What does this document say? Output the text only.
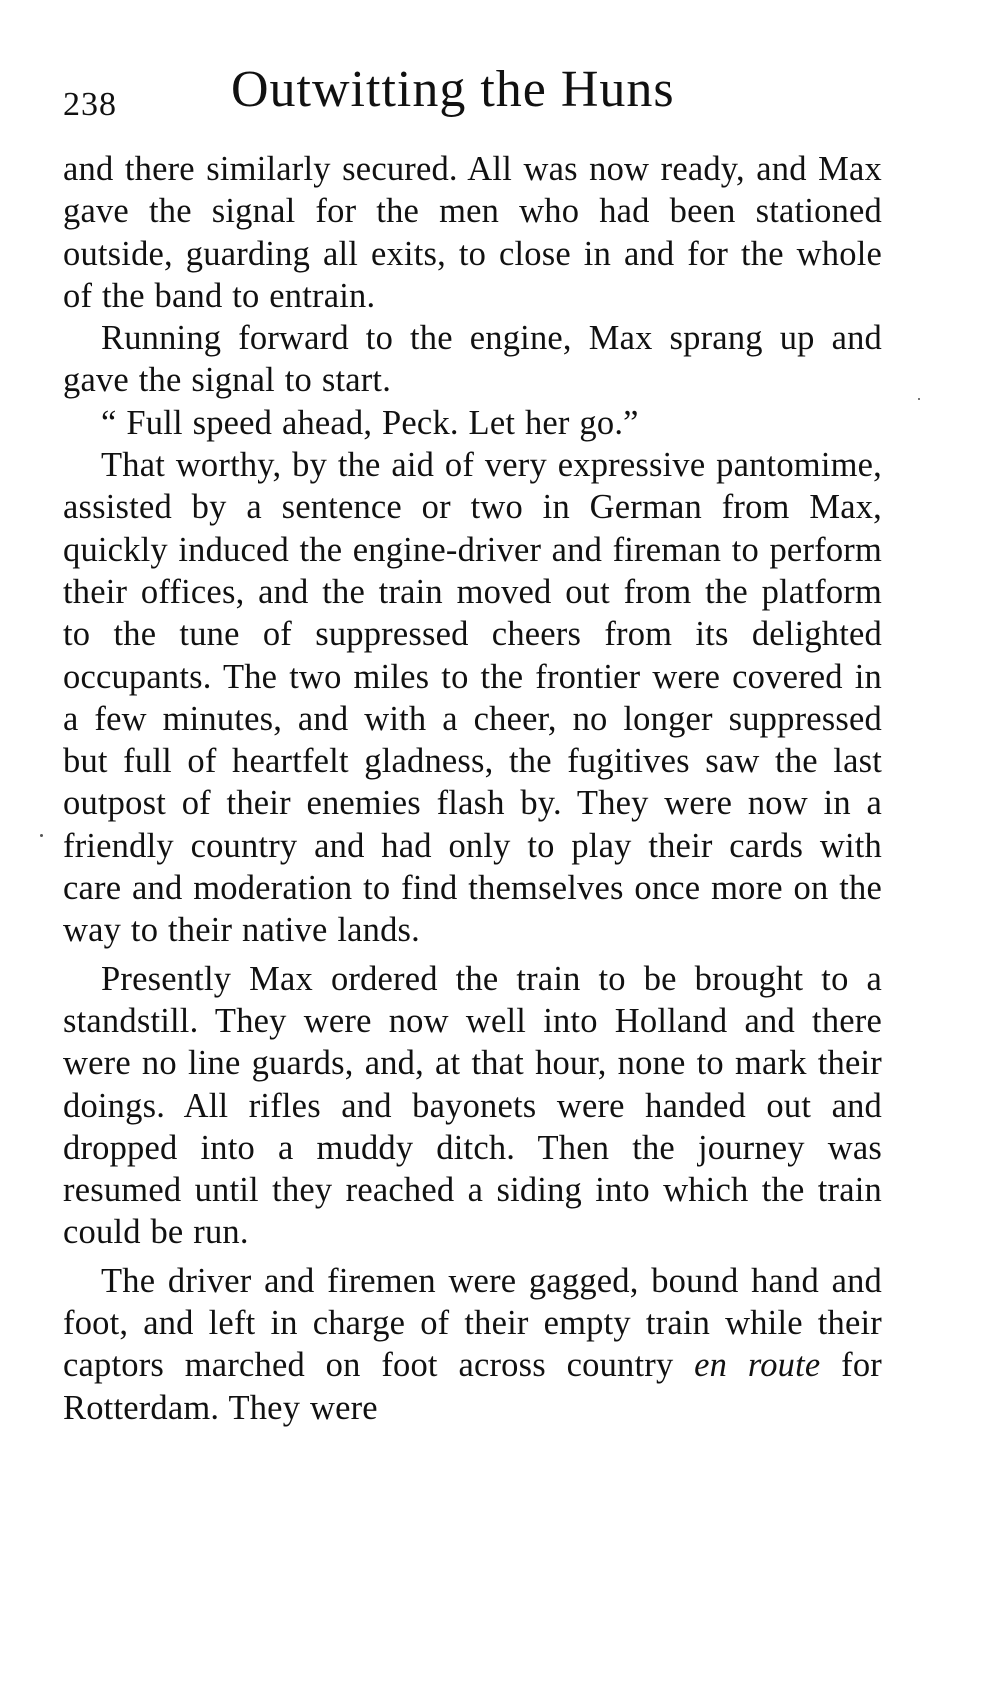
238 Outwitting the Huns

and there similarly secured. All was now ready, and Max gave the signal for the men who had been stationed outside, guarding all exits, to close in and for the whole of the band to entrain.

Running forward to the engine, Max sprang up and gave the signal to start.

“ Full speed ahead, Peck. Let her go.”

That worthy, by the aid of very expressive pantomime, assisted by a sentence or two in German from Max, quickly induced the engine-driver and fireman to perform their offices, and the train moved out from the platform to the tune of suppressed cheers from its delighted occupants. The two miles to the frontier were covered in a few minutes, and with a cheer, no longer suppressed but full of heartfelt gladness, the fugitives saw the last outpost of their enemies flash by. They were now in a friendly country and had only to play their cards with care and moderation to find themselves once more on the way to their native lands.

Presently Max ordered the train to be brought to a standstill. They were now well into Holland and there were no line guards, and, at that hour, none to mark their doings. All rifles and bayonets were handed out and dropped into a muddy ditch. Then the journey was resumed until they reached a siding into which the train could be run.

The driver and firemen were gagged, bound hand and foot, and left in charge of their empty train while their captors marched on foot across country en route for Rotterdam. They were
